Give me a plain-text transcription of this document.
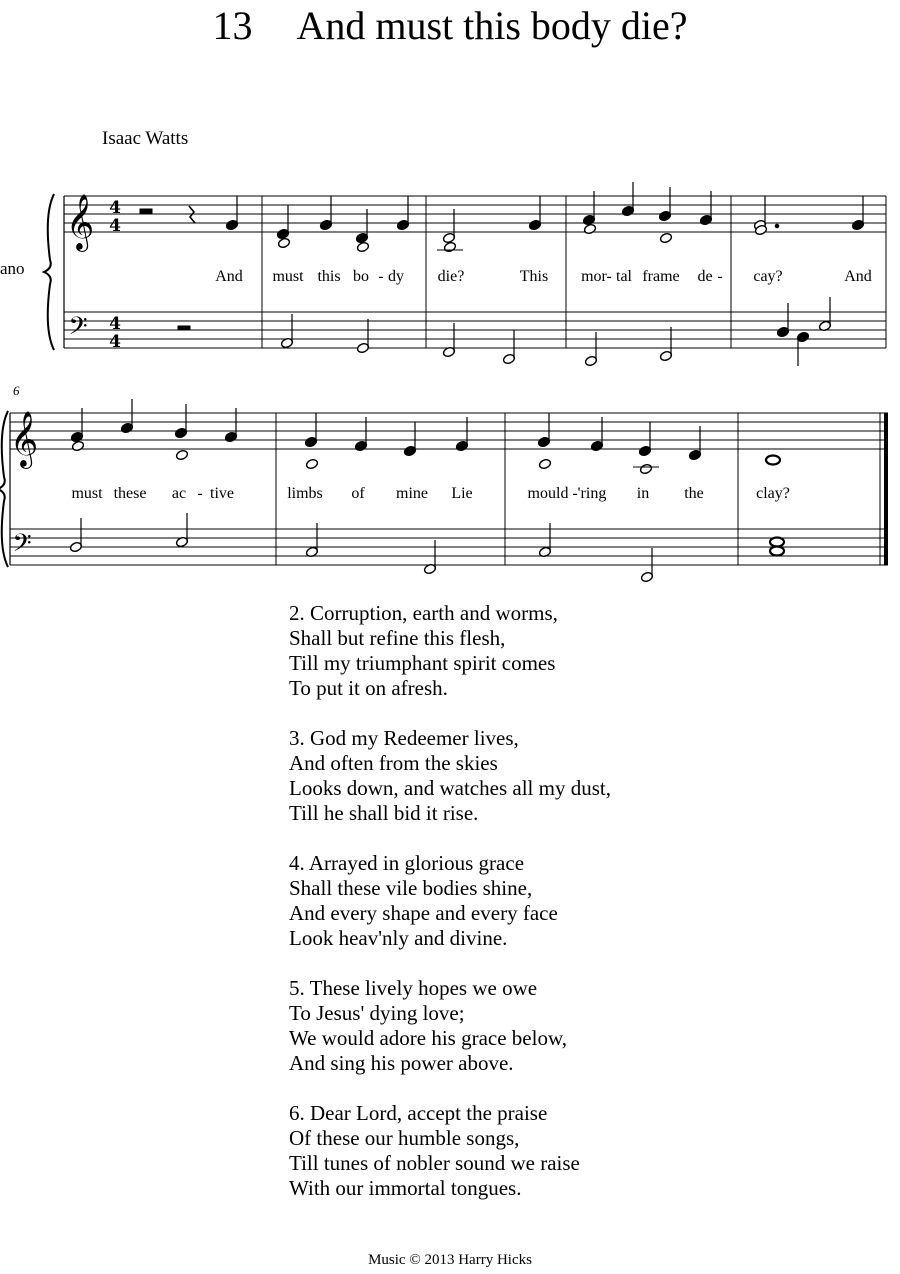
13 And must this body die?
Isaac Watts
ano
6
𝄞
𝄢
4
4
4
4
𝄞
𝄢
And must this bo - dy die?	This mor - tal frame de - cay?	And
must these ac - tive	limbs of mine Lie	mould - 'ring in the	clay?
2. Corruption, earth and worms,
Shall but refine this flesh,
Till my triumphant spirit comes
To put it on afresh.
3. God my Redeemer lives,
And often from the skies
Looks down, and watches all my dust,
Till he shall bid it rise.
4. Arrayed in glorious grace
Shall these vile bodies shine,
And every shape and every face
Look heav'nly and divine.
5. These lively hopes we owe
To Jesus' dying love;
We would adore his grace below,
And sing his power above.
6. Dear Lord, accept the praise
Of these our humble songs,
Till tunes of nobler sound we raise
With our immortal tongues.
Music © 2013 Harry Hicks
